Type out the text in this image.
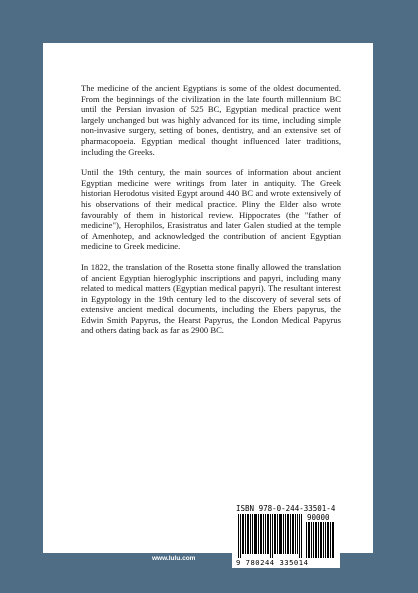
The medicine of the ancient Egyptians is some of the oldest documented. From the beginnings of the civilization in the late fourth millennium BC until the Persian invasion of 525 BC, Egyptian medical practice went largely unchanged but was highly advanced for its time, including simple non-invasive surgery, setting of bones, dentistry, and an extensive set of pharmacopoeia. Egyptian medical thought influenced later traditions, including the Greeks.

Until the 19th century, the main sources of information about ancient Egyptian medicine were writings from later in antiquity. The Greek historian Herodotus visited Egypt around 440 BC and wrote extensively of his observations of their medical practice. Pliny the Elder also wrote favourably of them in historical review. Hippocrates (the "father of medicine"), Herophilos, Erasistratus and later Galen studied at the temple of Amenhotep, and acknowledged the contribution of ancient Egyptian medicine to Greek medicine.

In 1822, the translation of the Rosetta stone finally allowed the translation of ancient Egyptian hieroglyphic inscriptions and papyri, including many related to medical matters (Egyptian medical papyri). The resultant interest in Egyptology in the 19th century led to the discovery of several sets of extensive ancient medical documents, including the Ebers papyrus, the Edwin Smith Papyrus, the Hearst Papyrus, the London Medical Papyrus and others dating back as far as 2900 BC.

ID: 21499310
www.lulu.com
ISBN 978-0-244-33501-4
90000
9 780244 335014
